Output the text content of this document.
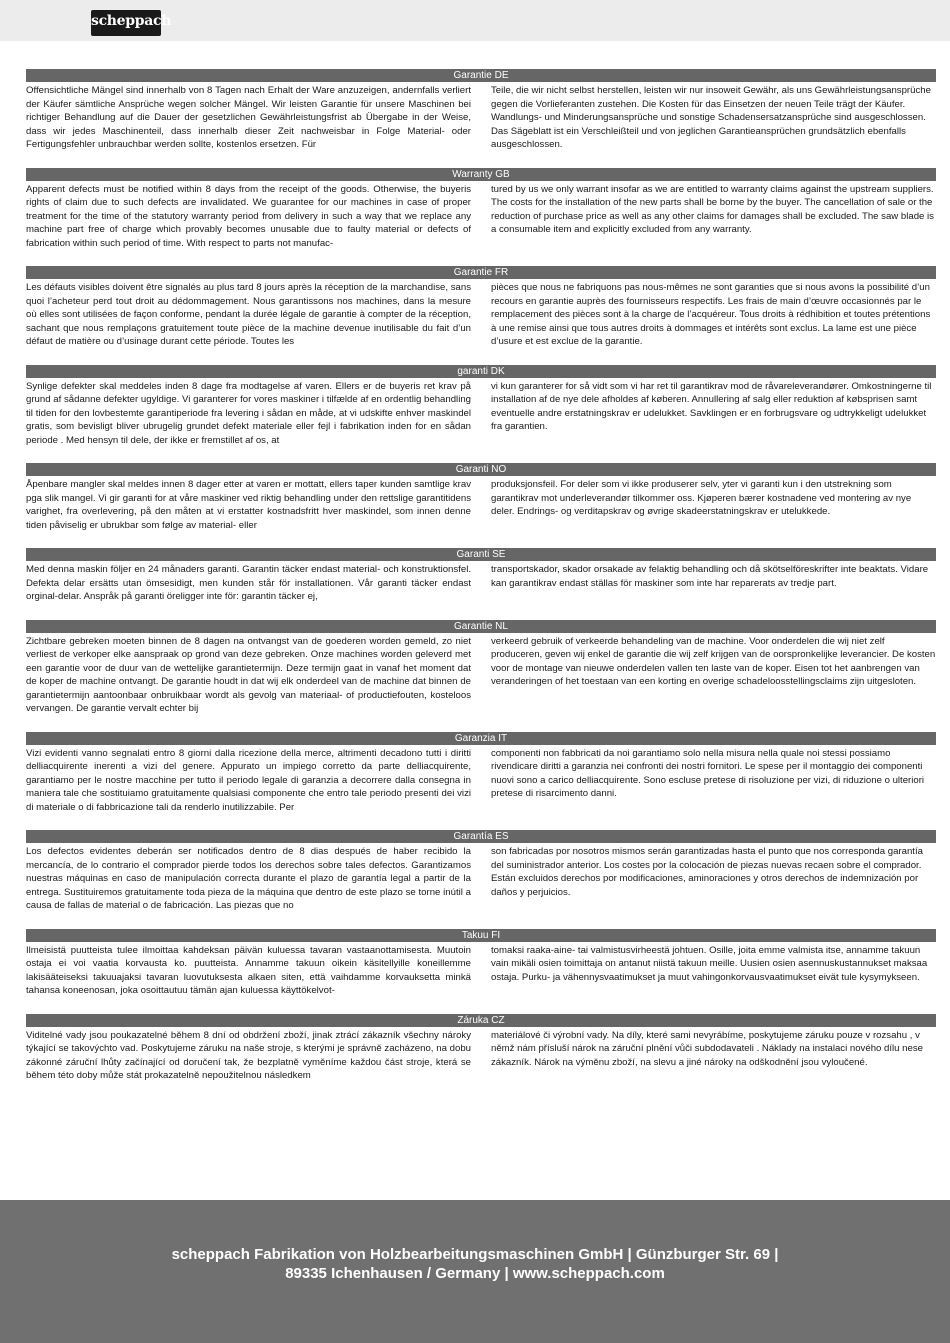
scheppach
Garantie DE
Offensichtliche Mängel sind innerhalb von 8 Tagen nach Erhalt der Ware anzuzeigen, andernfalls verliert der Käufer sämtliche Ansprüche wegen solcher Mängel. Wir leisten Garantie für unsere Maschinen bei richtiger Behandlung auf die Dauer der gesetzlichen Gewährleistungsfrist ab Übergabe in der Weise, dass wir jedes Maschinenteil, dass innerhalb dieser Zeit nachweisbar in Folge Material- oder Fertigungsfehler unbrauchbar werden sollte, kostenlos ersetzen. Für
Teile, die wir nicht selbst herstellen, leisten wir nur insoweit Gewähr, als uns Gewährleistungsansprüche gegen die Vorlieferanten zustehen. Die Kosten für das Einsetzen der neuen Teile trägt der Käufer. Wandlungs- und Minderungsansprüche und sonstige Schadensersatzansprüche sind ausgeschlossen. Das Sägeblatt ist ein Verschleißteil und von jeglichen Garantieansprüchen grundsätzlich ebenfalls ausgeschlossen.
Warranty GB
Apparent defects must be notified within 8 days from the receipt of the goods. Otherwise, the buyeris rights of claim due to such defects are invalidated. We guarantee for our machines in case of proper treatment for the time of the statutory warranty period from delivery in such a way that we replace any machine part free of charge which provably becomes unusable due to faulty material or defects of fabrication within such period of time. With respect to parts not manufac-
tured by us we only warrant insofar as we are entitled to warranty claims against the upstream suppliers. The costs for the installation of the new parts shall be borne by the buyer. The cancellation of sale or the reduction of purchase price as well as any other claims for damages shall be excluded. The saw blade is a consumable item and explicitly excluded from any warranty.
Garantie FR
Les défauts visibles doivent être signalés au plus tard 8 jours après la réception de la marchandise, sans quoi l’acheteur perd tout droit au dédommagement. Nous garantissons nos machines, dans la mesure où elles sont utilisées de façon conforme, pendant la durée légale de garantie à compter de la réception, sachant que nous remplaçons gratuitement toute pièce de la machine devenue inutilisable du fait d’un défaut de matière ou d’usinage durant cette période. Toutes les
pièces que nous ne fabriquons pas nous-mêmes ne sont garanties que si nous avons la possibilité d’un recours en garantie auprès des fournisseurs respectifs. Les frais de main d’œuvre occasionnés par le remplacement des pièces sont à la charge de l’acquéreur. Tous droits à rédhibition et toutes prétentions à une remise ainsi que tous autres droits à dommages et intérêts sont exclus. La lame est une pièce d’usure et est exclue de la garantie.
garanti DK
Synlige defekter skal meddeles inden 8 dage fra modtagelse af varen. Ellers er de buyeris ret krav på grund af sådanne defekter ugyldige. Vi garanterer for vores maskiner i tilfælde af en ordentlig behandling til tiden for den lovbestemte garantiperiode fra levering i sådan en måde, at vi udskifte enhver maskindel gratis, som bevisligt bliver ubrugelig grundet defekt materiale eller fejl i fabrikation inden for en sådan periode . Med hensyn til dele, der ikke er fremstillet af os, at
vi kun garanterer for så vidt som vi har ret til garantikrav mod de råvareleverandører. Omkostningerne til installation af de nye dele afholdes af køberen. Annullering af salg eller reduktion af købsprisen samt eventuelle andre erstatningskrav er udelukket. Savklingen er en forbrugsvare og udtrykkeligt udelukket fra garantien.
Garanti NO
Åpenbare mangler skal meldes innen 8 dager etter at varen er mottatt, ellers taper kunden samtlige krav pga slik mangel. Vi gir garanti for at våre maskiner ved riktig behandling under den rettslige garantitidens varighet, fra overlevering, på den måten at vi erstatter kostnadsfritt hver maskindel, som innen denne tiden påviselig er ubrukbar som følge av material- eller
produksjonsfeil. For deler som vi ikke produserer selv, yter vi garanti kun i den utstrekning som garantikrav mot underleverandør tilkommer oss. Kjøperen bærer kostnadene ved montering av nye deler. Endrings- og verditapskrav og øvrige skadeerstatningskrav er utelukkede.
Garanti SE
Med denna maskin följer en 24 månaders garanti. Garantin täcker endast material- och konstruktionsfel. Defekta delar ersätts utan ömsesidigt, men kunden står för installationen. Vår garanti täcker endast orginal-delar. Anspråk på garanti öreligger inte för: garantin täcker ej,
transportskador, skador orsakade av felaktig behandling och då skötselföreskrifter inte beaktats. Vidare kan garantikrav endast ställas för maskiner som inte har reparerats av tredje part.
Garantie NL
Zichtbare gebreken moeten binnen de 8 dagen na ontvangst van de goederen worden gemeld, zo niet verliest de verkoper elke aanspraak op grond van deze gebreken. Onze machines worden geleverd met een garantie voor de duur van de wettelijke garantietermijn. Deze termijn gaat in vanaf het moment dat de koper de machine ontvangt. De garantie houdt in dat wij elk onderdeel van de machine dat binnen de garantietermijn aantoonbaar onbruikbaar wordt als gevolg van materiaal- of productiefouten, kosteloos vervangen. De garantie vervalt echter bij
verkeerd gebruik of verkeerde behandeling van de machine. Voor onderdelen die wij niet zelf produceren, geven wij enkel de garantie die wij zelf krijgen van de oorspronkelijke leverancier. De kosten voor de montage van nieuwe onderdelen vallen ten laste van de koper. Eisen tot het aanbrengen van veranderingen of het toestaan van een korting en overige schadeloosstellingsclaims zijn uitgesloten.
Garanzia IT
Vizi evidenti vanno segnalati entro 8 giorni dalla ricezione della merce, altrimenti decadono tutti i diritti delliacquirente inerenti a vizi del genere. Appurato un impiego corretto da parte delliacquirente, garantiamo per le nostre macchine per tutto il periodo legale di garanzia a decorrere dalla consegna in maniera tale che sostituiamo gratuitamente qualsiasi componente che entro tale periodo presenti dei vizi di materiale o di fabbricazione tali da renderlo inutilizzabile. Per
componenti non fabbricati da noi garantiamo solo nella misura nella quale noi stessi possiamo rivendicare diritti a garanzia nei confronti dei nostri fornitori. Le spese per il montaggio dei componenti nuovi sono a carico delliacquirente. Sono escluse pretese di risoluzione per vizi, di riduzione o ulteriori pretese di risarcimento danni.
Garantía ES
Los defectos evidentes deberán ser notificados dentro de 8 dias después de haber recibido la mercancía, de lo contrario el comprador pierde todos los derechos sobre tales defectos. Garantizamos nuestras máquinas en caso de manipulación correcta durante el plazo de garantía legal a partir de la entrega. Sustituiremos gratuitamente toda pieza de la máquina que dentro de este plazo se torne inútil a causa de fallas de material o de fabricación. Las piezas que no
son fabricadas por nosotros mismos serán garantizadas hasta el punto que nos corresponda garantía del suministrador anterior. Los costes por la colocación de piezas nuevas recaen sobre el comprador. Están excluidos derechos por modificaciones, aminoraciones y otros derechos de indemnización por daños y perjuicios.
Takuu FI
Ilmeisistä puutteista tulee ilmoittaa kahdeksan päivän kuluessa tavaran vastaanottamisesta. Muutoin ostaja ei voi vaatia korvausta ko. puutteista. Annamme takuun oikein käsitellyille koneillemme lakisääteiseksi takuuajaksi tavaran luovutuksesta alkaen siten, että vaihdamme korvauksetta minkä tahansa koneenosan, joka osoittautuu tämän ajan kuluessa käyttökelvot-
tomaksi raaka-aine- tai valmistusvirheestä johtuen. Osille, joita emme valmista itse, annamme takuun vain mikäli osien toimittaja on antanut niistä takuun meille. Uusien osien asennuskustannukset maksaa ostaja. Purku- ja vähennysvaatimukset ja muut vahingonkorvausvaatimukset eivät tule kysymykseen.
Záruka CZ
Viditelné vady jsou poukazatelné během 8 dní od obdržení zboží, jinak ztrácí zákazník všechny nároky týkající se takovýchto vad. Poskytujeme záruku na naše stroje, s kterými je správně zacházeno, na dobu zákonné záruční lhůty začínající od doručení tak, že bezplatně vyměníme každou část stroje, která se během této doby může stát prokazatelně nepoužitelnou následkem
materiálové či výrobní vady. Na díly, které sami nevyrábíme, poskytujeme záruku pouze v rozsahu , v němž nám přísluší nárok na záruční plnění vůči subdodavateli . Náklady na instalaci nového dílu nese zákazník. Nárok na výměnu zboží, na slevu a jiné nároky na odškodnění jsou vyloučené.
scheppach Fabrikation von Holzbearbeitungsmaschinen GmbH | Günzburger Str. 69 |
89335 Ichenhausen / Germany | www.scheppach.com
